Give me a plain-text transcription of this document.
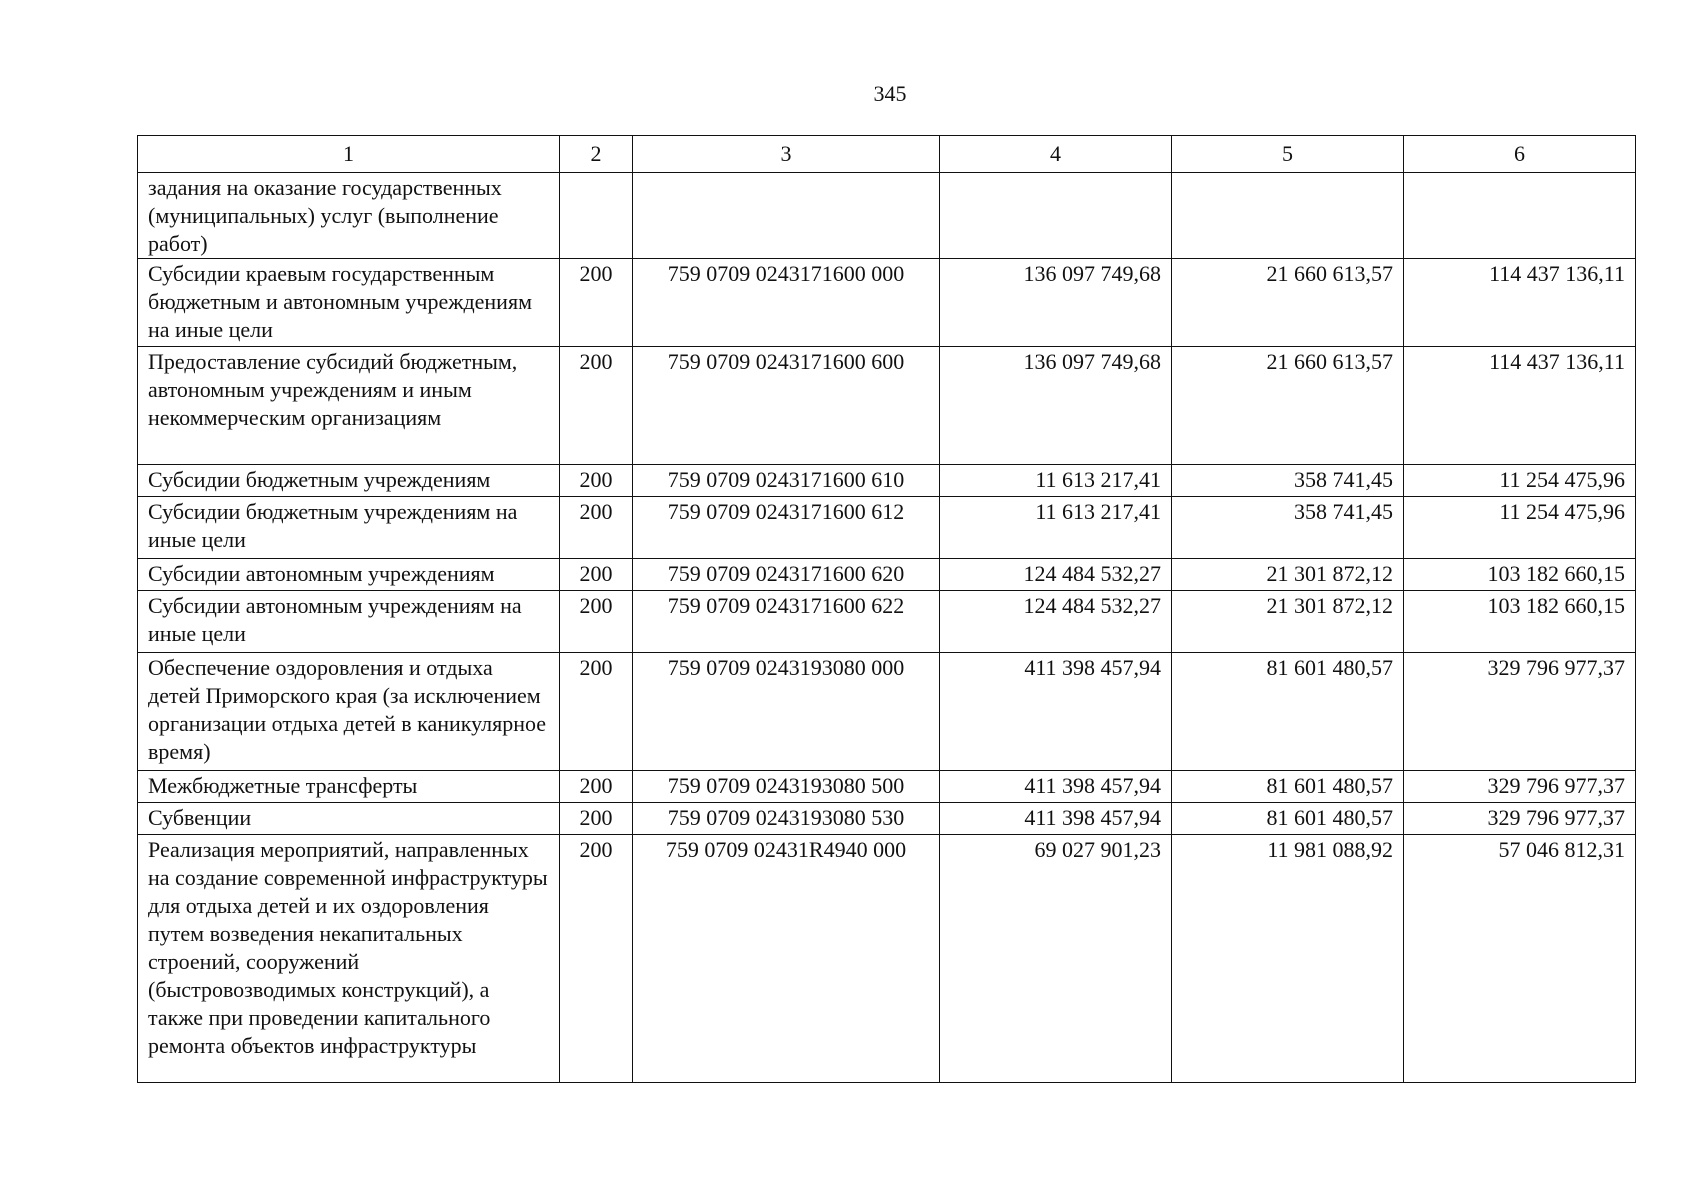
345
1	2	3	4	5	6
задания на оказание государственных (муниципальных) услуг (выполнение работ)					
Субсидии краевым государственным бюджетным и автономным учреждениям на иные цели	200	759 0709 0243171600 000	136 097 749,68	21 660 613,57	114 437 136,11
Предоставление субсидий бюджетным, автономным учреждениям и иным некоммерческим организациям	200	759 0709 0243171600 600	136 097 749,68	21 660 613,57	114 437 136,11
Субсидии бюджетным учреждениям	200	759 0709 0243171600 610	11 613 217,41	358 741,45	11 254 475,96
Субсидии бюджетным учреждениям на иные цели	200	759 0709 0243171600 612	11 613 217,41	358 741,45	11 254 475,96
Субсидии автономным учреждениям	200	759 0709 0243171600 620	124 484 532,27	21 301 872,12	103 182 660,15
Субсидии автономным учреждениям на иные цели	200	759 0709 0243171600 622	124 484 532,27	21 301 872,12	103 182 660,15
Обеспечение оздоровления и отдыха детей Приморского края (за исключением организации отдыха детей в каникулярное время)	200	759 0709 0243193080 000	411 398 457,94	81 601 480,57	329 796 977,37
Межбюджетные трансферты	200	759 0709 0243193080 500	411 398 457,94	81 601 480,57	329 796 977,37
Субвенции	200	759 0709 0243193080 530	411 398 457,94	81 601 480,57	329 796 977,37
Реализация мероприятий, направленных на создание современной инфраструктуры для отдыха детей и их оздоровления путем возведения некапитальных строений, сооружений (быстровозводимых конструкций), а также при проведении капитального ремонта объектов инфраструктуры	200	759 0709 02431R4940 000	69 027 901,23	11 981 088,92	57 046 812,31
